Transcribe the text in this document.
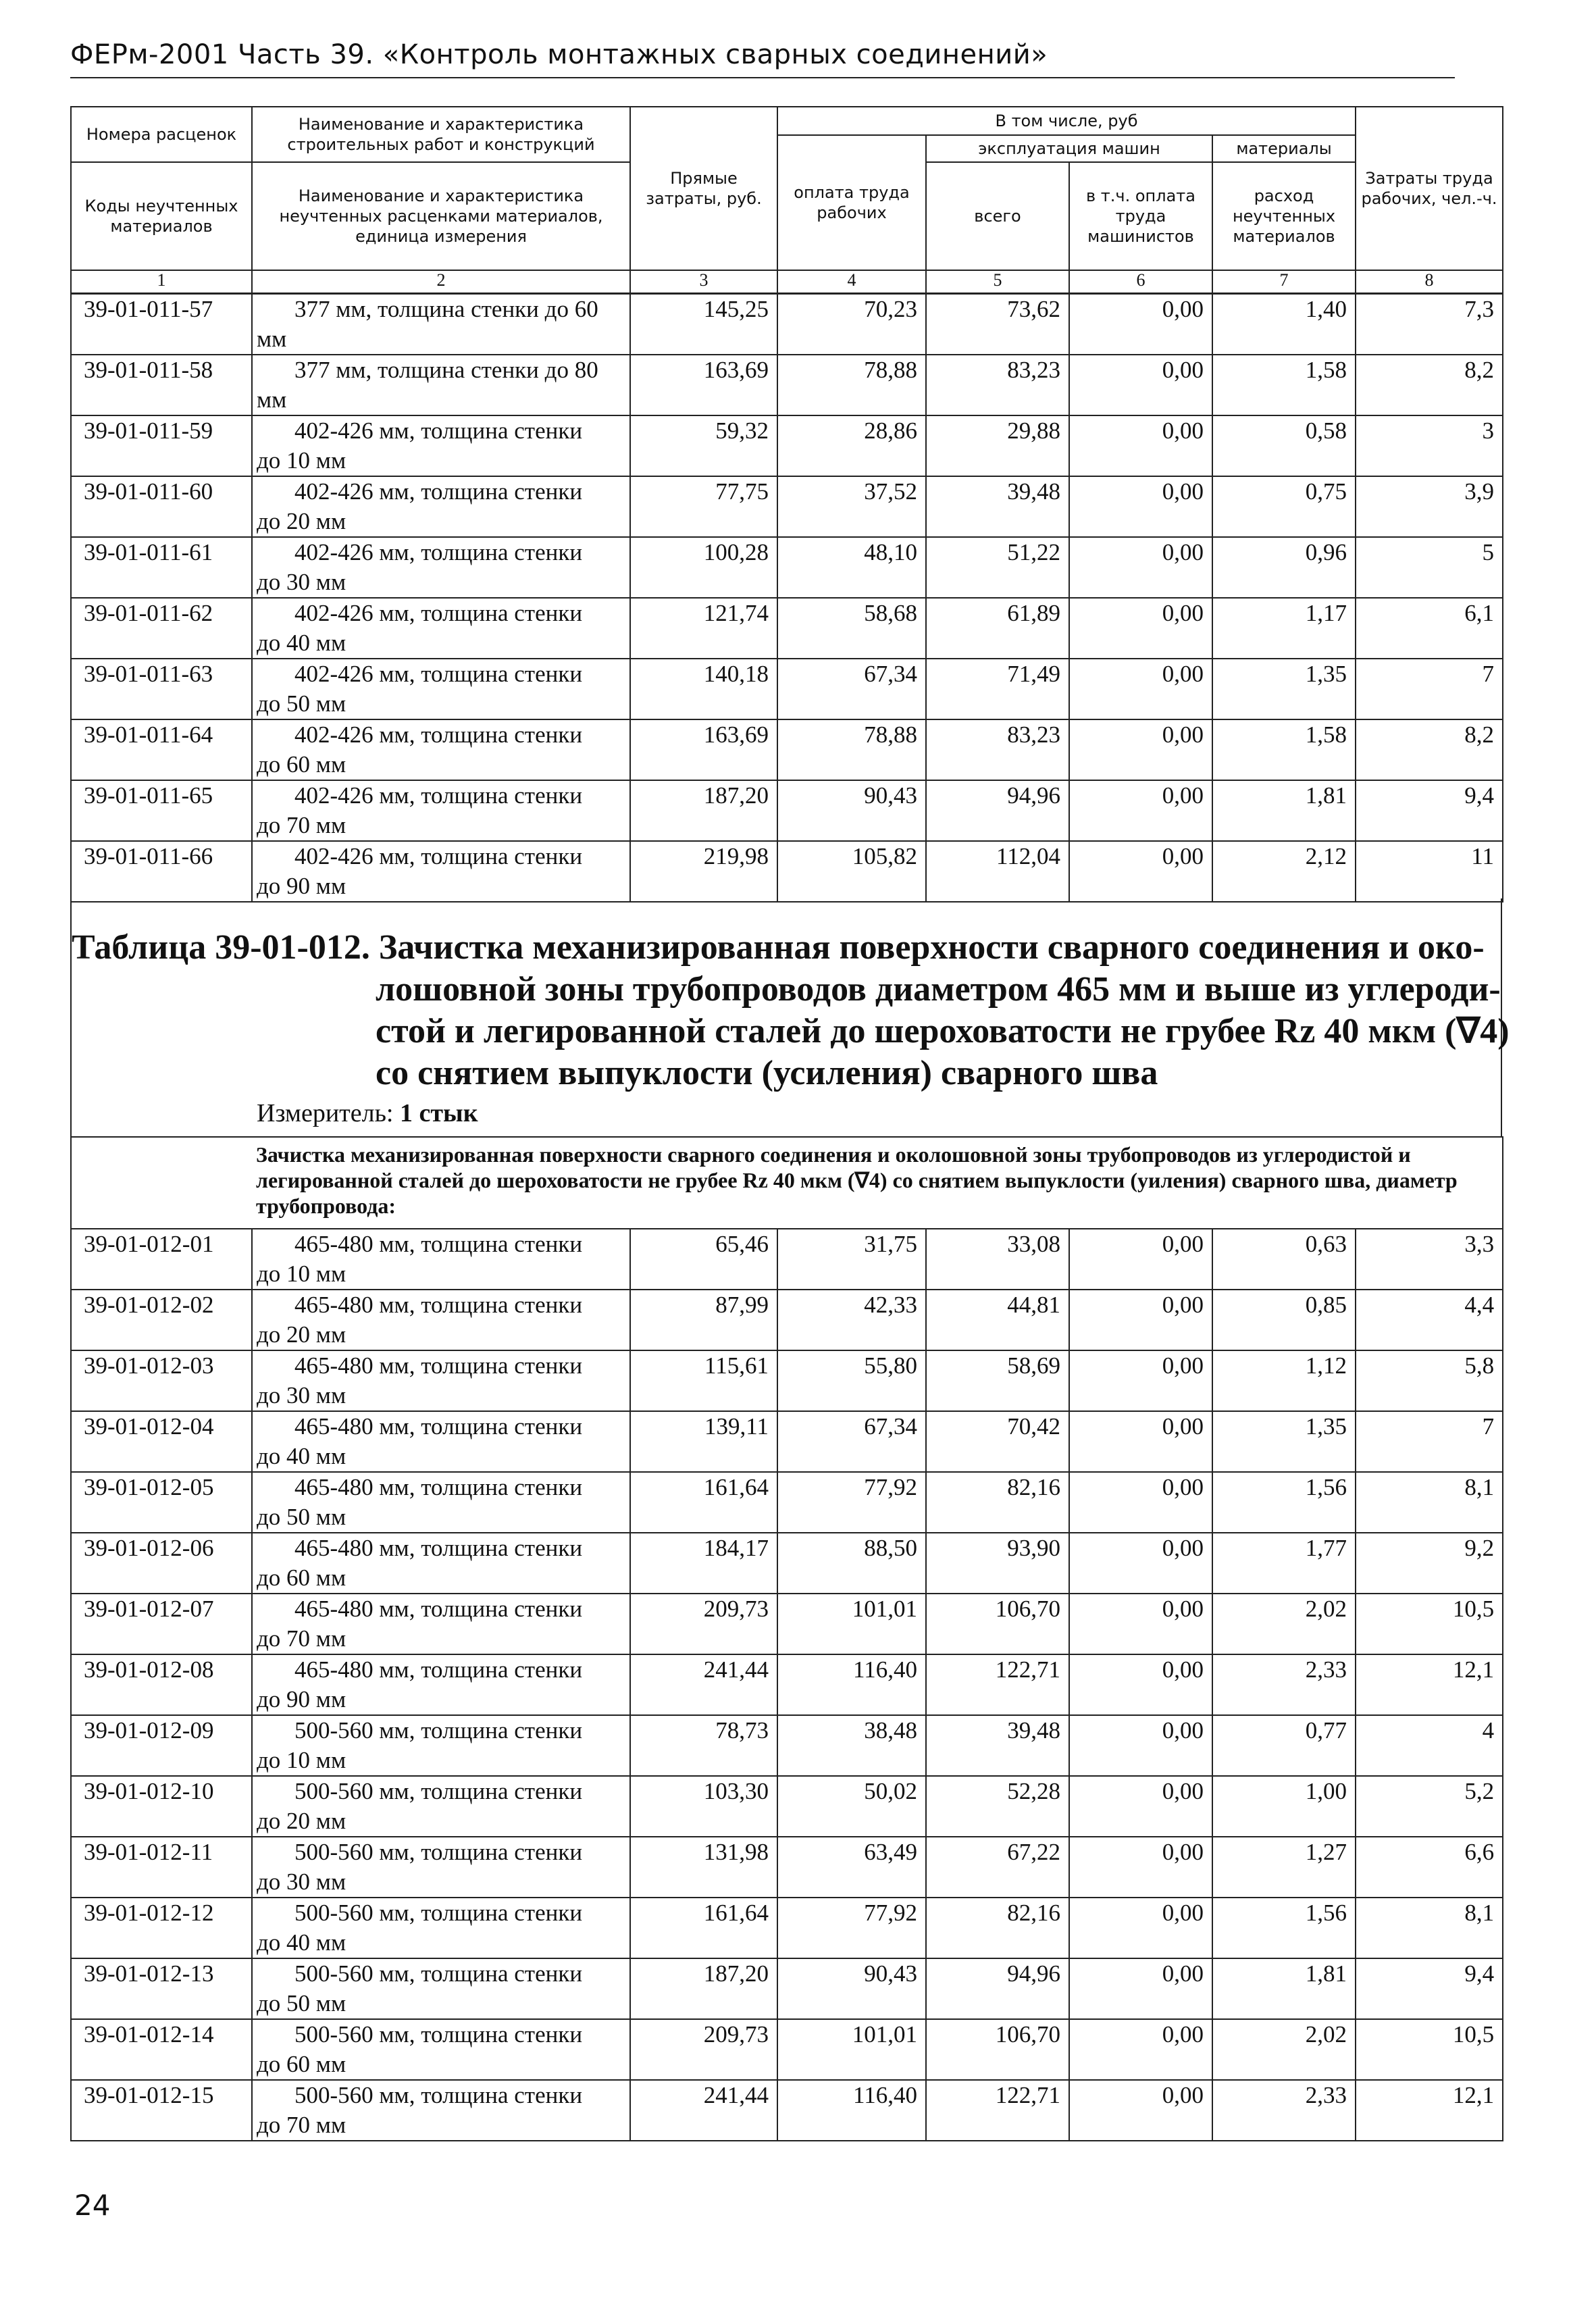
ФЕРм-2001 Часть 39. «Контроль монтажных сварных соединений»
Номера расценок	Наименование и характеристика строительных работ и конструкций	Прямые затраты, руб.	В том числе, руб				Затраты труда рабочих, чел.-ч.
			оплата труда рабочих	эксплуатация машин		материалы	
Коды неучтенных материалов	Наименование и характеристика неучтенных расценками материалов, единица измерения			всего	в т.ч. оплата труда машинистов	расход неучтенных материалов	

1	2	3	4	5	6	7	8
39-01-011-57	377 мм, толщина стенки до 60
мм	145,25	70,23	73,62	0,00	1,40	7,3
39-01-011-58	377 мм, толщина стенки до 80
мм	163,69	78,88	83,23	0,00	1,58	8,2
39-01-011-59	402-426 мм, толщина стенки
до 10 мм	59,32	28,86	29,88	0,00	0,58	3
39-01-011-60	402-426 мм, толщина стенки
до 20 мм	77,75	37,52	39,48	0,00	0,75	3,9
39-01-011-61	402-426 мм, толщина стенки
до 30 мм	100,28	48,10	51,22	0,00	0,96	5
39-01-011-62	402-426 мм, толщина стенки
до 40 мм	121,74	58,68	61,89	0,00	1,17	6,1
39-01-011-63	402-426 мм, толщина стенки
до 50 мм	140,18	67,34	71,49	0,00	1,35	7
39-01-011-64	402-426 мм, толщина стенки
до 60 мм	163,69	78,88	83,23	0,00	1,58	8,2
39-01-011-65	402-426 мм, толщина стенки
до 70 мм	187,20	90,43	94,96	0,00	1,81	9,4
39-01-011-66	402-426 мм, толщина стенки
до 90 мм	219,98	105,82	112,04	0,00	2,12	11
Таблица 39-01-012. Зачистка механизированная поверхности сварного соединения и око-
лошовной зоны трубопроводов диаметром 465 мм и выше из углероди-
стой и легированной сталей до шероховатости не грубее Rz 40 мкм (∇4)
со снятием выпуклости (усиления) сварного шва
Измеритель: 1 стык
	Зачистка механизированная поверхности сварного соединения и околошовной зоны трубопроводов из углеродистой и легированной сталей до шероховатости не грубее Rz 40 мкм (∇4) со снятием выпуклости (уиления) сварного шва, диаметр трубопровода:						
39-01-012-01	465-480 мм, толщина стенки
до 10 мм	65,46	31,75	33,08	0,00	0,63	3,3
39-01-012-02	465-480 мм, толщина стенки
до 20 мм	87,99	42,33	44,81	0,00	0,85	4,4
39-01-012-03	465-480 мм, толщина стенки
до 30 мм	115,61	55,80	58,69	0,00	1,12	5,8
39-01-012-04	465-480 мм, толщина стенки
до 40 мм	139,11	67,34	70,42	0,00	1,35	7
39-01-012-05	465-480 мм, толщина стенки
до 50 мм	161,64	77,92	82,16	0,00	1,56	8,1
39-01-012-06	465-480 мм, толщина стенки
до 60 мм	184,17	88,50	93,90	0,00	1,77	9,2
39-01-012-07	465-480 мм, толщина стенки
до 70 мм	209,73	101,01	106,70	0,00	2,02	10,5
39-01-012-08	465-480 мм, толщина стенки
до 90 мм	241,44	116,40	122,71	0,00	2,33	12,1
39-01-012-09	500-560 мм, толщина стенки
до 10 мм	78,73	38,48	39,48	0,00	0,77	4
39-01-012-10	500-560 мм, толщина стенки
до 20 мм	103,30	50,02	52,28	0,00	1,00	5,2
39-01-012-11	500-560 мм, толщина стенки
до 30 мм	131,98	63,49	67,22	0,00	1,27	6,6
39-01-012-12	500-560 мм, толщина стенки
до 40 мм	161,64	77,92	82,16	0,00	1,56	8,1
39-01-012-13	500-560 мм, толщина стенки
до 50 мм	187,20	90,43	94,96	0,00	1,81	9,4
39-01-012-14	500-560 мм, толщина стенки
до 60 мм	209,73	101,01	106,70	0,00	2,02	10,5
39-01-012-15	500-560 мм, толщина стенки
до 70 мм	241,44	116,40	122,71	0,00	2,33	12,1
24
